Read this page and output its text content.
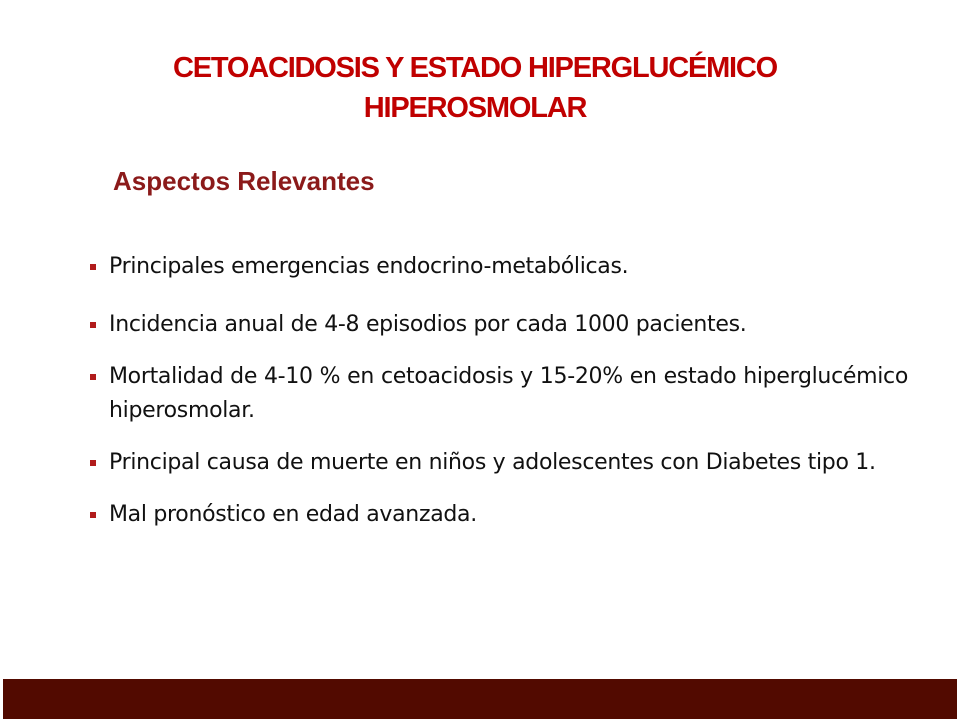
CETOACIDOSIS Y ESTADO HIPERGLUCÉMICO
HIPEROSMOLAR
Aspectos Relevantes
Principales emergencias endocrino-metabólicas.
Incidencia anual de 4-8 episodios por cada 1000 pacientes.
Mortalidad de 4-10 % en cetoacidosis y 15-20% en estado hiperglucémico hiperosmolar.
Principal causa de muerte en niños y adolescentes con Diabetes tipo 1.
Mal pronóstico en edad avanzada.
